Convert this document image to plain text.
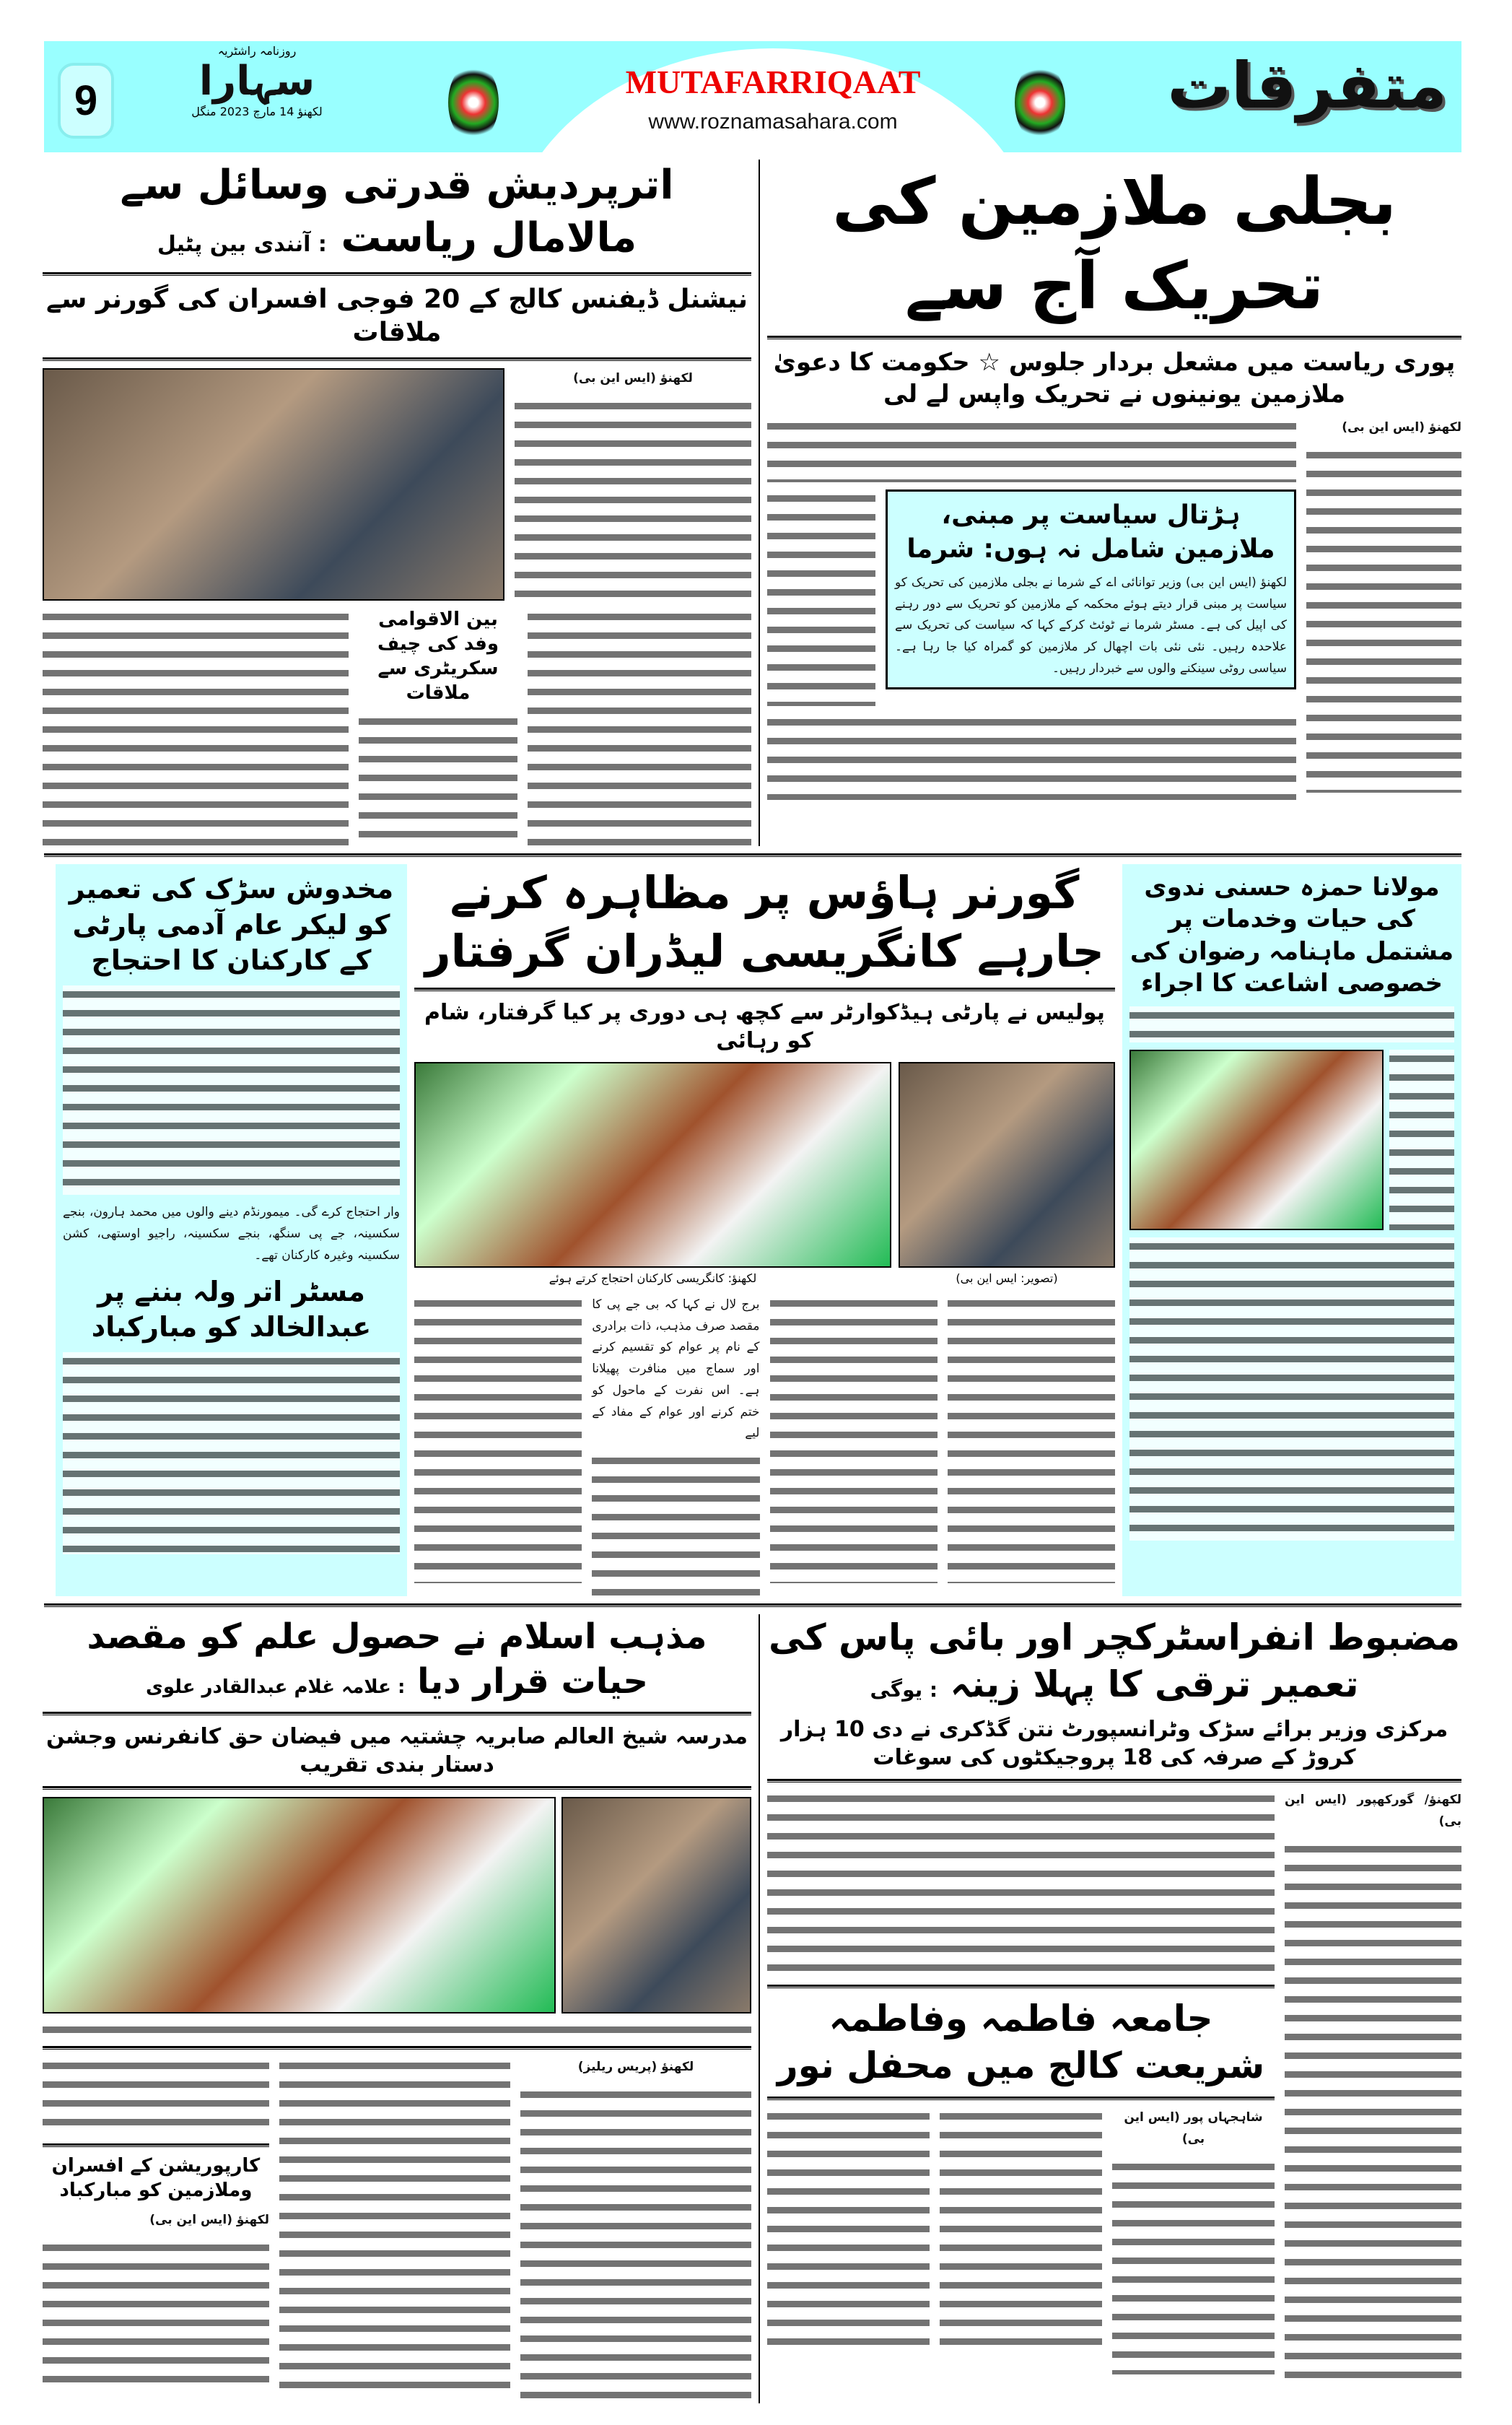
MUTAFARRIQAAT
www.roznamasahara.com
9
روزنامہ راشٹریہ
سہارا
لکھنؤ 14 مارچ 2023 منگل	متفرقات
بجلی ملازمین کی تحریک آج سے
پوری ریاست میں مشعل بردار جلوس ☆ حکومت کا دعویٰ ملازمین یونینوں نے تحریک واپس لے لی
لکھنؤ (ایس این بی)
ہڑتال سیاست پر مبنی، ملازمین شامل نہ ہوں: شرما
لکھنؤ (ایس این بی) وزیر توانائی اے کے شرما نے بجلی ملازمین کی تحریک کو سیاست پر مبنی قرار دیتے ہوئے محکمہ کے ملازمین کو تحریک سے دور رہنے کی اپیل کی ہے۔ مسٹر شرما نے ٹوئٹ کرکے کہا کہ سیاست کی تحریک سے علاحدہ رہیں۔ نئی نئی بات اچھال کر ملازمین کو گمراہ کیا جا رہا ہے۔ سیاسی روٹی سینکنے والوں سے خبردار رہیں۔
اترپردیش قدرتی وسائل سے مالامال ریاست : آنندی بین پٹیل
نیشنل ڈیفنس کالج کے 20 فوجی افسران کی گورنر سے ملاقات
لکھنؤ (ایس این بی)
بین الاقوامی وفد کی چیف سکریٹری سے ملاقات
مولانا حمزہ حسنی ندوی کی حیات وخدمات پر مشتمل ماہنامہ رضوان کی خصوصی اشاعت کا اجراء
گورنر ہاؤس پر مظاہرہ کرنے جارہے کانگریسی لیڈران گرفتار
پولیس نے پارٹی ہیڈکوارٹر سے کچھ ہی دوری پر کیا گرفتار، شام کو رہائی
(تصویر: ایس این بی)
لکھنؤ: کانگریسی کارکنان احتجاج کرتے ہوئے
برج لال نے کہا کہ بی جے پی کا مقصد صرف مذہب، ذات برادری کے نام پر عوام کو تقسیم کرنے اور سماج میں منافرت پھیلانا ہے۔ اس نفرت کے ماحول کو ختم کرنے اور عوام کے مفاد کے لیے
مخدوش سڑک کی تعمیر کو لیکر عام آدمی پارٹی کے کارکنان کا احتجاج
وار احتجاج کرے گی۔ میمورنڈم دینے والوں میں محمد ہارون، بنجے سکسینہ، جے پی سنگھ، بنجے سکسینہ، راجیو اوستھی، کشن سکسینہ وغیرہ کارکنان تھے۔
مسٹر اتر ولہ بننے پر عبدالخالد کو مبارکباد
مضبوط انفراسٹرکچر اور بائی پاس کی تعمیر ترقی کا پہلا زینہ : یوگی
مرکزی وزیر برائے سڑک وٹرانسپورٹ نتن گڈکری نے دی 10 ہزار کروڑ کے صرفہ کی 18 پروجیکٹوں کی سوغات
لکھنؤ/ گورکھپور (ایس این بی)
جامعہ فاطمہ وفاطمہ شریعت کالج میں محفل نور
شاہجہاں پور (ایس این بی)
مذہب اسلام نے حصول علم کو مقصد حیات قرار دیا : علامہ غلام عبدالقادر علوی
مدرسہ شیخ العالم صابریہ چشتیہ میں فیضان حق کانفرنس وجشن دستار بندی تقریب
لکھنؤ (پریس ریلیز)
کارپوریشن کے افسران وملازمین کو مبارکباد
لکھنؤ (ایس این بی)
